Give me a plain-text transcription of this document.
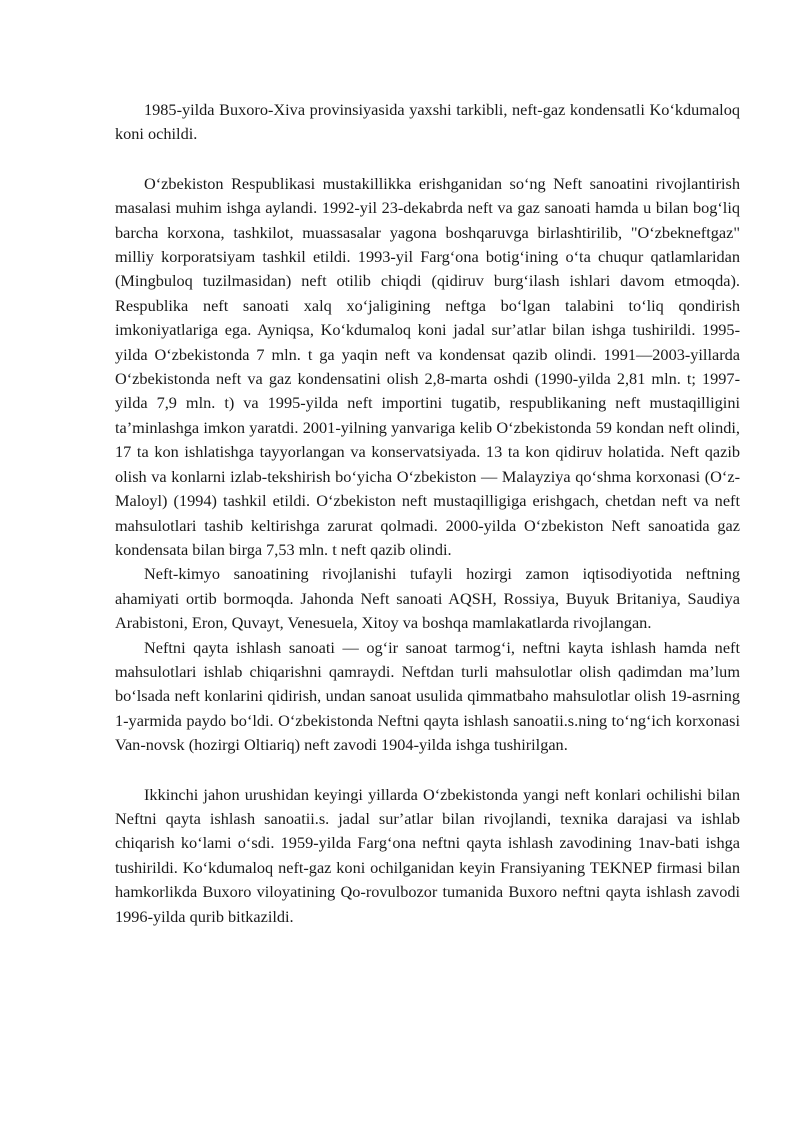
1985-yilda Buxoro-Xiva provinsiyasida yaxshi tarkibli, neft-gaz kondensatli Koʻkdumaloq koni ochildi.

Oʻzbekiston Respublikasi mustakillikka erishganidan soʻng Neft sanoatini rivojlantirish masalasi muhim ishga aylandi. 1992-yil 23-dekabrda neft va gaz sanoati hamda u bilan bogʻliq barcha korxona, tashkilot, muassasalar yagona boshqaruvga birlashtirilib, "Oʻzbekneftgaz" milliy korporatsiyam tashkil etildi. 1993-yil Fargʻona botigʻining oʻta chuqur qatlamlaridan (Mingbuloq tuzilmasidan) neft otilib chiqdi (qidiruv burgʻilash ishlari davom etmoqda). Respublika neft sanoati xalq xoʻjaligining neftga boʻlgan talabini toʻliq qondirish imkoniyatlariga ega. Ayniqsa, Koʻkdumaloq koni jadal surʼatlar bilan ishga tushirildi. 1995-yilda Oʻzbekistonda 7 mln. t ga yaqin neft va kondensat qazib olindi. 1991—2003-yillarda Oʻzbekistonda neft va gaz kondensatini olish 2,8-marta oshdi (1990-yilda 2,81 mln. t; 1997-yilda 7,9 mln. t) va 1995-yilda neft importini tugatib, respublikaning neft mustaqilligini taʼminlashga imkon yaratdi. 2001-yilning yanvariga kelib Oʻzbekistonda 59 kondan neft olindi, 17 ta kon ishlatishga tayyorlangan va konservatsiyada. 13 ta kon qidiruv holatida. Neft qazib olish va konlarni izlab-tekshirish boʻyicha Oʻzbekiston — Malayziya qoʻshma korxonasi (Oʻz-Maloyl) (1994) tashkil etildi. Oʻzbekiston neft mustaqilligiga erishgach, chetdan neft va neft mahsulotlari tashib keltirishga zarurat qolmadi. 2000-yilda Oʻzbekiston Neft sanoatida gaz kondensata bilan birga 7,53 mln. t neft qazib olindi.

Neft-kimyo sanoatining rivojlanishi tufayli hozirgi zamon iqtisodiyotida neftning ahamiyati ortib bormoqda. Jahonda Neft sanoati AQSH, Rossiya, Buyuk Britaniya, Saudiya Arabistoni, Eron, Quvayt, Venesuela, Xitoy va boshqa mamlakatlarda rivojlangan.

Neftni qayta ishlash sanoati — ogʻir sanoat tarmogʻi, neftni kayta ishlash hamda neft mahsulotlari ishlab chiqarishni qamraydi. Neftdan turli mahsulotlar olish qadimdan maʼlum boʻlsada neft konlarini qidirish, undan sanoat usulida qimmatbaho mahsulotlar olish 19-asrning 1-yarmida paydo boʻldi. Oʻzbekistonda Neftni qayta ishlash sanoatii.s.ning toʻngʻich korxonasi Van-novsk (hozirgi Oltiariq) neft zavodi 1904-yilda ishga tushirilgan.

Ikkinchi jahon urushidan keyingi yillarda Oʻzbekistonda yangi neft konlari ochilishi bilan Neftni qayta ishlash sanoatii.s. jadal surʼatlar bilan rivojlandi, texnika darajasi va ishlab chiqarish koʻlami oʻsdi. 1959-yilda Fargʻona neftni qayta ishlash zavodining 1nav-bati ishga tushirildi. Koʻkdumaloq neft-gaz koni ochilganidan keyin Fransiyaning TEKNEP firmasi bilan hamkorlikda Buxoro viloyatining Qo-rovulbozor tumanida Buxoro neftni qayta ishlash zavodi 1996-yilda qurib bitkazildi.
